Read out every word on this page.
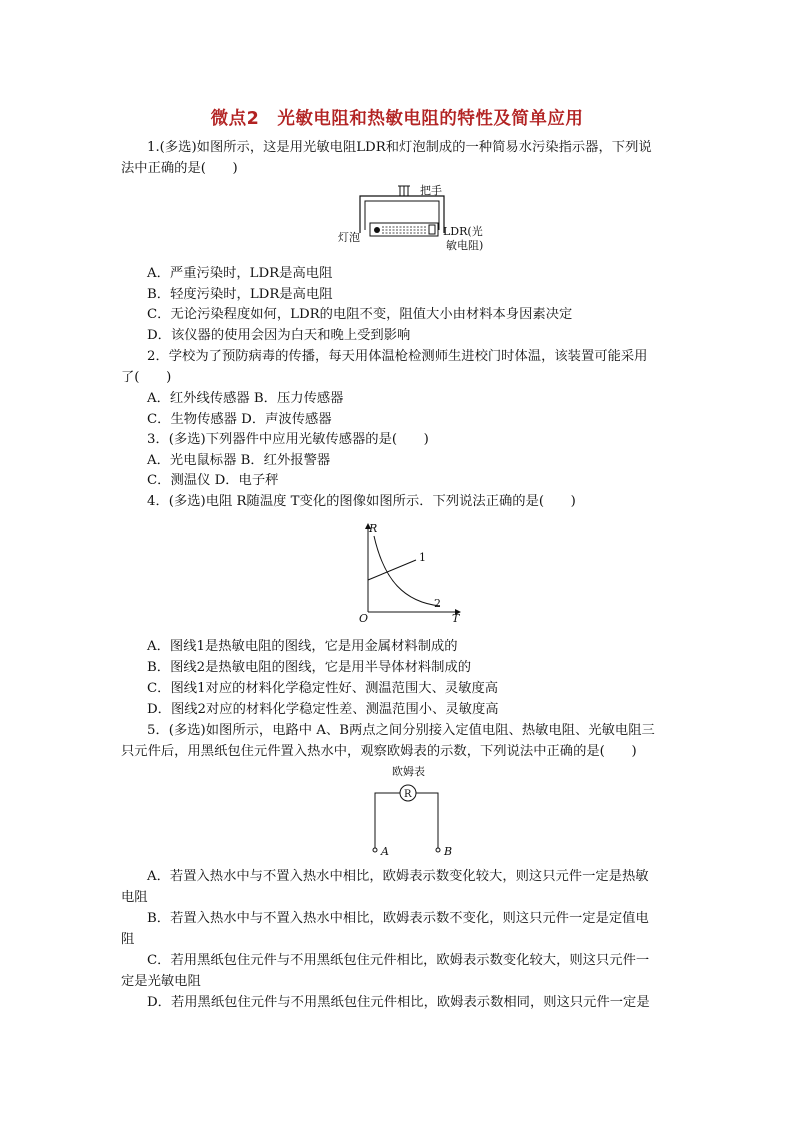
微点2　光敏电阻和热敏电阻的特性及简单应用
1.(多选)如图所示，这是用光敏电阻LDR和灯泡制成的一种简易水污染指示器，下列说
法中正确的是(　　)
把手
灯泡	LDR(光
敏电阻)
A．严重污染时，LDR是高电阻
B．轻度污染时，LDR是高电阻
C．无论污染程度如何，LDR的电阻不变，阻值大小由材料本身因素决定
D．该仪器的使用会因为白天和晚上受到影响
2．学校为了预防病毒的传播，每天用体温枪检测师生进校门时体温，该装置可能采用
了(　　)
A．红外线传感器 B．压力传感器
C．生物传感器 D．声波传感器
3．(多选)下列器件中应用光敏传感器的是(　　)
A．光电鼠标器 B．红外报警器
C．测温仪 D．电子秤
4．(多选)电阻 R随温度 T变化的图像如图所示．下列说法正确的是(　　)
R
T
O
1
2
A．图线1是热敏电阻的图线，它是用金属材料制成的
B．图线2是热敏电阻的图线，它是用半导体材料制成的
C．图线1对应的材料化学稳定性好、测温范围大、灵敏度高
D．图线2对应的材料化学稳定性差、测温范围小、灵敏度高
5．(多选)如图所示，电路中 A、B两点之间分别接入定值电阻、热敏电阻、光敏电阻三
只元件后，用黑纸包住元件置入热水中，观察欧姆表的示数，下列说法中正确的是(　　)
欧姆表
R
A	B
A．若置入热水中与不置入热水中相比，欧姆表示数变化较大，则这只元件一定是热敏
电阻
B．若置入热水中与不置入热水中相比，欧姆表示数不变化，则这只元件一定是定值电
阻
C．若用黑纸包住元件与不用黑纸包住元件相比，欧姆表示数变化较大，则这只元件一
定是光敏电阻
D．若用黑纸包住元件与不用黑纸包住元件相比，欧姆表示数相同，则这只元件一定是
